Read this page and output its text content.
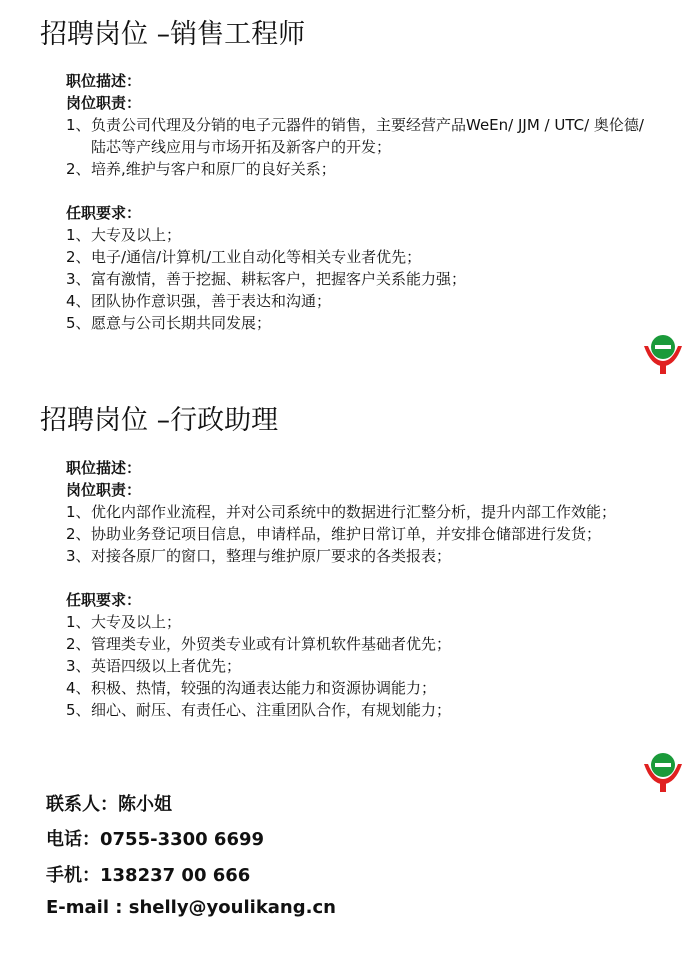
招聘岗位 –销售工程师

职位描述：

岗位职责：

1、 负责公司代理及分销的电子元器件的销售，主要经营产品WeEn/ JJM / UTC/ 奥伦德/陆芯等产线应用与市场开拓及新客户的开发；
2、 培养,维护与客户和原厂的良好关系；

任职要求：

1、 大专及以上；
2、 电子/通信/计算机/工业自动化等相关专业者优先；
3、 富有激情，善于挖掘、耕耘客户，把握客户关系能力强；
4、 团队协作意识强，善于表达和沟通；
5、 愿意与公司长期共同发展；
招聘岗位 –行政助理

职位描述：

岗位职责：

1、 优化内部作业流程，并对公司系统中的数据进行汇整分析，提升内部工作效能；
2、 协助业务登记项目信息，申请样品，维护日常订单，并安排仓储部进行发货；
3、 对接各原厂的窗口，整理与维护原厂要求的各类报表；

任职要求：

1、 大专及以上；
2、 管理类专业，外贸类专业或有计算机软件基础者优先；
3、 英语四级以上者优先；
4、 积极、热情，较强的沟通表达能力和资源协调能力；
5、 细心、耐压、有责任心、注重团队合作，有规划能力；
联系人：陈小姐
电话：0755-3300 6699
手机：138237 00 666
E-mail : shelly@youlikang.cn
